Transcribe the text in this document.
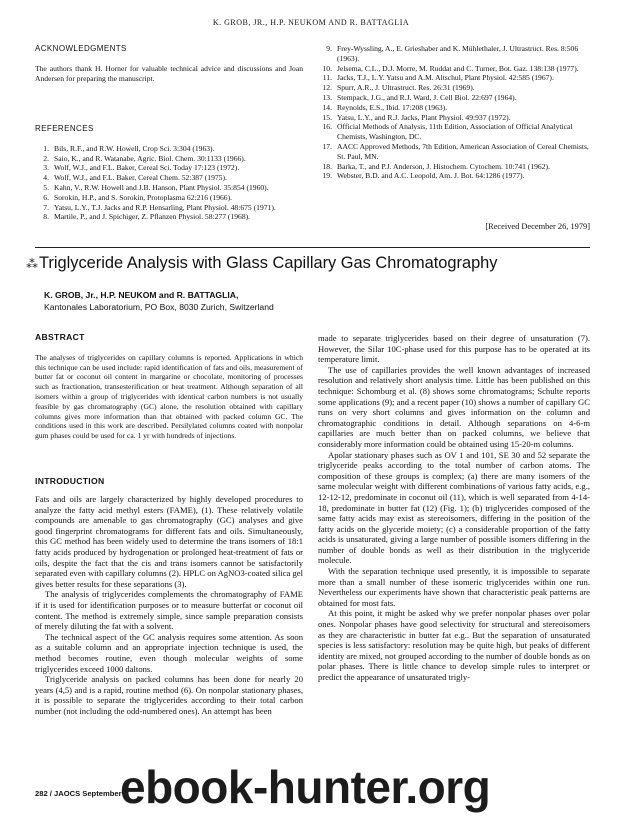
K. GROB, JR., H.P. NEUKOM AND R. BATTAGLIA
ACKNOWLEDGMENTS
The authors thank H. Horner for valuable technical advice and discussions and Joan Andersen for preparing the manuscript.
REFERENCES
1. Bils, R.F., and R.W. Howell, Crop Sci. 3:304 (1963).
2. Saio, K., and R. Watanabe, Agric. Biol. Chem. 30:1133 (1966).
3. Wolf, W.J., and F.L. Baker, Cereal Sci. Today 17:123 (1972).
4. Wolf, W.J., and F.L. Baker, Cereal Chem. 52:387 (1975).
5. Kahn, V., R.W. Howell and J.B. Hanson, Plant Physiol. 35:854 (1960).
6. Sorokin, H.P., and S. Sorokin, Protoplasma 62:216 (1966).
7. Yatsu, L.Y., T.J. Jacks and R.P. Hensarling, Plant Physiol. 48:675 (1971).
8. Martile, P., and J. Spichiger, Z. Pflanzen Physiol. 58:277 (1968).
9. Frey-Wyssling, A., E. Grieshaber and K. Mühlethaler, J. Ultrastruct. Res. 8:506 (1963).
10. Jelsema, C.L., D.J. Morre, M. Ruddat and C. Turner, Bot. Gaz. 138:138 (1977).
11. Jacks, T.J., L.Y. Yatsu and A.M. Altschul, Plant Physiol. 42:585 (1967).
12. Spurr, A.R., J. Ultrastruct. Res. 26:31 (1969).
13. Stempack, J.G., and R.J. Ward, J. Cell Biol. 22:697 (1964).
14. Reynolds, E.S., Ibid. 17:208 (1963).
15. Yatsu, L.Y., and R.J. Jacks, Plant Physiol. 49:937 (1972).
16. Official Methods of Analysis, 11th Edition, Association of Official Analytical Chemists, Washington, DC.
17. AACC Approved Methods, 7th Edition, American Association of Cereal Chemists, St. Paul, MN.
18. Barka, T., and P.J. Anderson, J. Histochem. Cytochem. 10:741 (1962).
19. Webster, B.D. and A.C. Leopold, Am. J. Bot. 64:1286 (1977).
[Received December 26, 1979]
⁂Triglyceride Analysis with Glass Capillary Gas Chromatography
K. GROB, Jr., H.P. NEUKOM and R. BATTAGLIA,
Kantonales Laboratorium, PO Box, 8030 Zurich, Switzerland
ABSTRACT

The analyses of triglycerides on capillary columns is reported. Applications in which this technique can be used include: rapid identification of fats and oils, measurement of butter fat or coconut oil content in margarine or chocolate, monitoring of processes such as fractionation, transesterification or heat treatment. Although separation of all isomers within a group of triglycerides with identical carbon numbers is not usually feasible by gas chromatography (GC) alone, the resolution obtained with capillary columns gives more information than that obtained with packed column GC. The conditions used in this work are described. Persilylated columns coated with nonpolar gum phases could be used for ca. 1 yr with hundreds of injections.

INTRODUCTION

Fats and oils are largely characterized by highly developed procedures to analyze the fatty acid methyl esters (FAME), (1). These relatively volatile compounds are amenable to gas chromatography (GC) analyses and give good fingerprint chromatograms for different fats and oils. Simultaneously, this GC method has been widely used to determine the trans isomers of 18:1 fatty acids produced by hydrogenation or prolonged heat-treatment of fats or oils, despite the fact that the cis and trans isomers cannot be satisfactorily separated even with capillary columns (2). HPLC on AgNO3-coated silica gel gives better results for these separations (3).

The analysis of triglycerides complements the chromatography of FAME if it is used for identification purposes or to measure butterfat or coconut oil content. The method is extremely simple, since sample preparation consists of merely diluting the fat with a solvent.

The technical aspect of the GC analysis requires some attention. As soon as a suitable column and an appropriate injection technique is used, the method becomes routine, even though molecular weights of some triglycerides exceed 1000 daltons.

Triglyceride analysis on packed columns has been done for nearly 20 years (4,5) and is a rapid, routine method (6). On nonpolar stationary phases, it is possible to separate the triglycerides according to their total carbon number (not including the odd-numbered ones). An attempt has been

made to separate triglycerides based on their degree of unsaturation (7). However, the Silar 10C-phase used for this purpose has to be operated at its temperature limit.

The use of capillaries provides the well known advantages of increased resolution and relatively short analysis time. Little has been published on this technique: Schomburg et al. (8) shows some chromatograms; Schulte reports some applications (9); and a recent paper (10) shows a number of capillary GC runs on very short columns and gives information on the column and chromatographic conditions in detail. Although separations on 4-6-m capillaries are much better than on packed columns, we believe that considerably more information could be obtained using 15-20-m columns.

Apolar stationary phases such as OV 1 and 101, SE 30 and 52 separate the triglyceride peaks according to the total number of carbon atoms. The composition of these groups is complex; (a) there are many isomers of the same molecular weight with different combinations of various fatty acids, e.g., 12-12-12, predominate in coconut oil (11), which is well separated from 4-14-18, predominate in butter fat (12) (Fig. 1); (b) triglycerides composed of the same fatty acids may exist as stereoisomers, differing in the position of the fatty acids on the glyceride moiety; (c) a considerable proportion of the fatty acids is unsaturated, giving a large number of possible isomers differing in the number of double bonds as well as their distribution in the triglyceride molecule.

With the separation technique used presently, it is impossible to separate more than a small number of these isomeric triglycerides within one run. Nevertheless our experiments have shown that characteristic peak patterns are obtained for most fats.

At this point, it might be asked why we prefer nonpolar phases over polar ones. Nonpolar phases have good selectivity for structural and stereoisomers as they are characteristic in butter fat e.g.. But the separation of unsaturated species is less satisfactory: resolution may be quite high, but peaks of different identity are mixed, not grouped according to the number of double bonds as on polar phases. There is little chance to develop simple rules to interpret or predict the appearance of unsaturated trigly-

282 / JAOCS September 1
ebook-hunter.org
